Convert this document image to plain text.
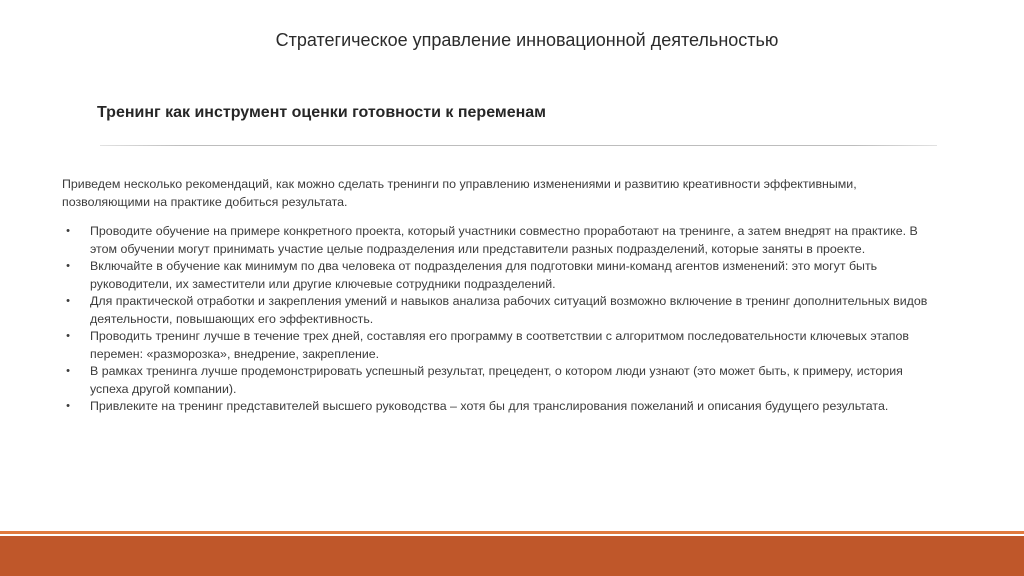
Стратегическое управление инновационной деятельностью
Тренинг как инструмент оценки готовности к переменам

Приведем несколько рекомендаций, как можно сделать тренинги по управлению изменениями и развитию креативности эффективными, позволяющими на практике добиться результата.

•	Проводите обучение на примере конкретного проекта, который участники совместно проработают на тренинге, а затем внедрят на практике. В этом обучении могут принимать участие целые подразделения или представители разных подразделений, которые заняты в проекте.
•	Включайте в обучение как минимум по два человека от подразделения для подготовки мини-команд агентов изменений: это могут быть руководители, их заместители или другие ключевые сотрудники подразделений.
•	Для практической отработки и закрепления умений и навыков анализа рабочих ситуаций возможно включение в тренинг дополнительных видов деятельности, повышающих его эффективность.
•	Проводить тренинг лучше в течение трех дней, составляя его программу в соответствии с алгоритмом последовательности ключевых этапов перемен: «разморозка», внедрение, закрепление.
•	В рамках тренинга лучше продемонстрировать успешный результат, прецедент, о котором люди узнают (это может быть, к примеру, история успеха другой компании).
•	Привлеките на тренинг представителей высшего руководства – хотя бы для транслирования пожеланий и описания будущего результата.
